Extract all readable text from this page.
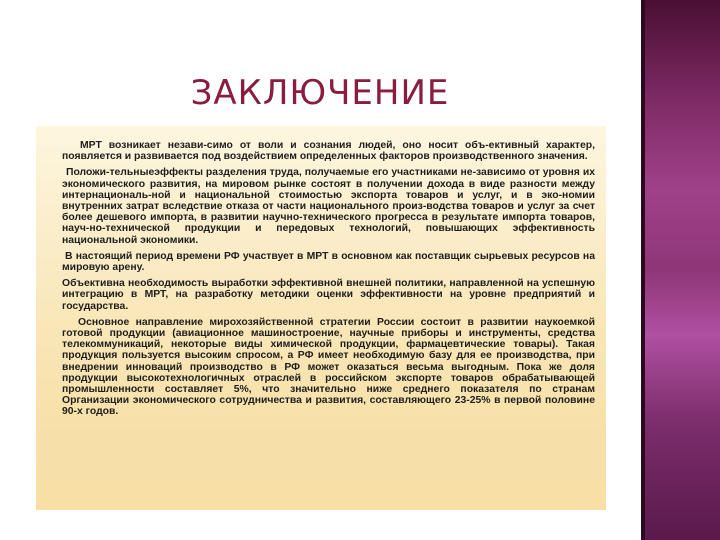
ЗАКЛЮЧЕНИЕ

МРТ возникает незави-симо от воли и сознания людей, оно носит объ-ективный характер, появляется и развивается под воздействием определенных факторов производственного значения.

Положи-тельныеэффекты разделения труда, получаемые его участниками не-зависимо от уровня их экономического развития, на мировом рынке состоят в получении дохода в виде разности между интернациональ-ной и национальной стоимостью экспорта товаров и услуг, и в эко-номии внутренних затрат вследствие отказа от части национального произ-водства товаров и услуг за счет более дешевого импорта, в развитии научно-технического прогресса в результате импорта товаров, науч-но-технической продукции и передовых технологий, повышающих эффективность национальной экономики.

В настоящий период времени РФ участвует в МРТ в основном как поставщик сырьевых ресурсов на мировую арену.

Объективна необходимость выработки эффективной внешней политики, направленной на успешную интеграцию в МРТ, на разработку методики оценки эффективности на уровне предприятий и государства.

Основное направление мирохозяйственной стратегии России состоит в развитии наукоемкой готовой продукции (авиационное машиностроение, научные приборы и инструменты, средства телекоммуникаций, некоторые виды химической продукции, фармацевтические товары). Такая продукция пользуется высоким спросом, а РФ имеет необходимую базу для ее производства, при внедрении инноваций производство в РФ может оказаться весьма выгодным. Пока же доля продукции высокотехнологичных отраслей в российском экспорте товаров обрабатывающей промышленности составляет 5%, что значительно ниже среднего показателя по странам Организации экономического сотрудничества и развития, составляющего 23-25% в первой половине 90-х годов.
